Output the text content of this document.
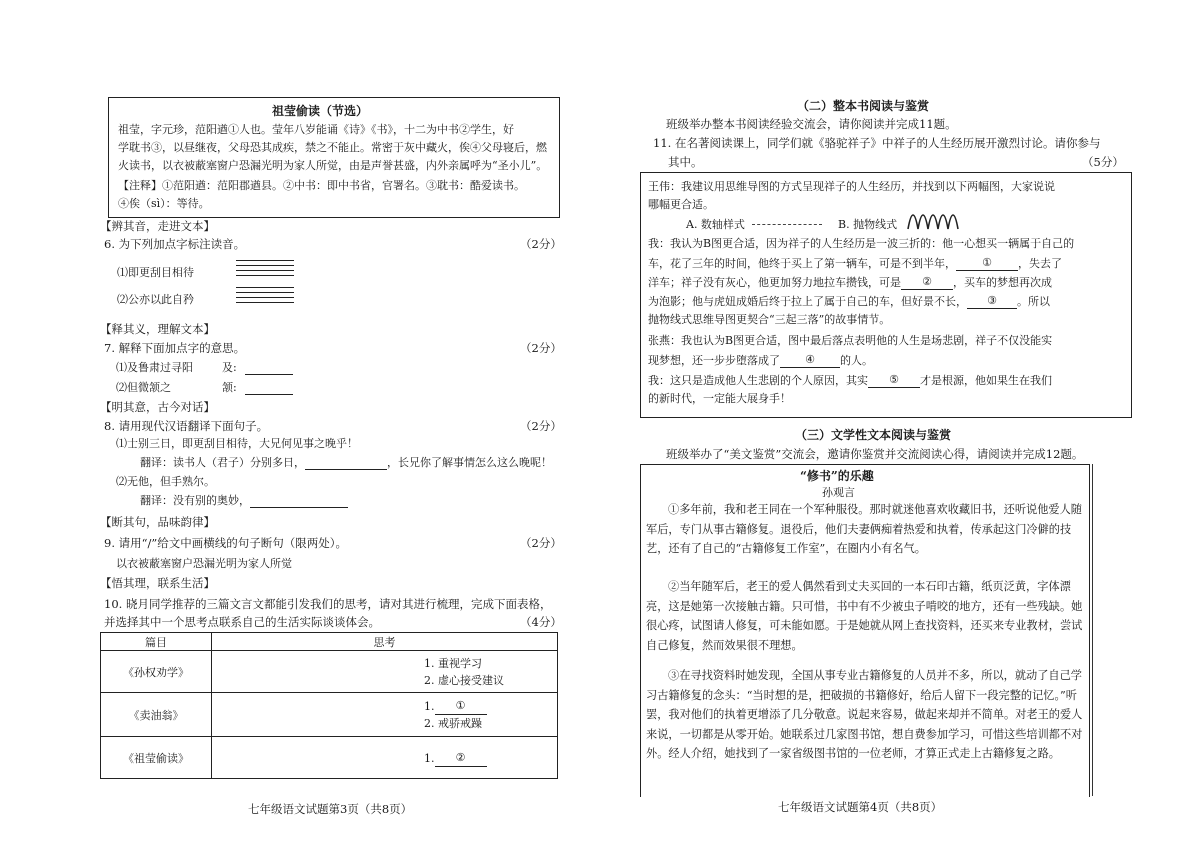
祖莹偷读（节选）
祖莹，字元珍，范阳遒①人也。莹年八岁能诵《诗》《书》，十二为中书②学生，好
学耽书③，以昼继夜，父母恐其成疾，禁之不能止。常密于灰中藏火，俟④父母寝后，燃
火读书，以衣被蔽塞窗户恐漏光明为家人所觉，由是声誉甚盛，内外亲属呼为“圣小儿”。
【注释】①范阳遒：范阳郡遒县。②中书：即中书省，官署名。③耽书：酷爱读书。
④俟（sì）：等待。
【辨其音，走进文本】
6. 为下列加点字标注读音。	（2分）
⑴即更刮目相待
⑵公亦以此自矜
【释其义，理解文本】
7. 解释下面加点字的意思。	（2分）
⑴及鲁肃过寻阳	及:
⑵但微颔之	颔:
【明其意，古今对话】
8. 请用现代汉语翻译下面句子。	（2分）
⑴士别三日，即更刮目相待，大兄何见事之晚乎！
翻译：读书人（君子）分别多日，	，长兄你了解事情怎么这么晚呢！
⑵无他，但手熟尔。
翻译：没有别的奥妙，
【断其句，品味韵律】
9. 请用“/”给文中画横线的句子断句（限两处）。	（2分）
以衣被蔽塞窗户恐漏光明为家人所觉
【悟其理，联系生活】
10. 晓月同学推荐的三篇文言文都能引发我们的思考，请对其进行梳理，完成下面表格，
并选择其中一个思考点联系自己的生活实际谈谈体会。	（4分）
篇目	思考
《孙权劝学》	1. 重视学习
2. 虚心接受建议

《卖油翁》	1. ①
2. 戒骄戒躁

《祖莹偷读》	1. ②
七年级语文试题第3页（共8页）
（二）整本书阅读与鉴赏
班级举办整本书阅读经验交流会，请你阅读并完成11题。
11. 在名著阅读课上，同学们就《骆驼祥子》中祥子的人生经历展开激烈讨论。请你参与
其中。	（5分）
王伟：我建议用思维导图的方式呈现祥子的人生经历，并找到以下两幅图，大家说说
哪幅更合适。
A. 数轴样式	B. 抛物线式
我：我认为B图更合适，因为祥子的人生经历是一波三折的：他一心想买一辆属于自己的
车，花了三年的时间，他终于买上了第一辆车，可是不到半年， ① ，失去了
洋车；祥子没有灰心，他更加努力地拉车攒钱，可是 ② ，买车的梦想再次成
为泡影；他与虎妞成婚后终于拉上了属于自己的车，但好景不长， ③ 。所以
抛物线式思维导图更契合“三起三落”的故事情节。
张燕：我也认为B图更合适，图中最后落点表明他的人生是场悲剧，祥子不仅没能实
现梦想，还一步步堕落成了 ④ 的人。
我：这只是造成他人生悲剧的个人原因，其实 ⑤ 才是根源，他如果生在我们
的新时代，一定能大展身手！
（三）文学性文本阅读与鉴赏
班级举办了“美文鉴赏”交流会，邀请你鉴赏并交流阅读心得，请阅读并完成12题。
“修书”的乐趣
孙观言
①多年前，我和老王同在一个军种服役。那时就迷他喜欢收藏旧书，还听说他爱人随军后，专门从事古籍修复。退役后，他们夫妻俩痴着热爱和执着，传承起这门冷僻的技艺，还有了自己的“古籍修复工作室”，在圈内小有名气。
②当年随军后，老王的爱人偶然看到丈夫买回的一本石印古籍，纸页泛黄，字体漂亮，这是她第一次接触古籍。只可惜，书中有不少被虫子啃咬的地方，还有一些残缺。她很心疼，试图请人修复，可未能如愿。于是她就从网上查找资料，还买来专业教材，尝试自己修复，然而效果很不理想。
③在寻找资料时她发现，全国从事专业古籍修复的人员并不多，所以，就动了自己学习古籍修复的念头：“当时想的是，把破损的书籍修好，给后人留下一段完整的记忆。”听罢，我对他们的执着更增添了几分敬意。说起来容易，做起来却并不简单。对老王的爱人来说，一切都是从零开始。她联系过几家图书馆，想自费参加学习，可惜这些培训都不对外。经人介绍，她找到了一家省级图书馆的一位老师，才算正式走上古籍修复之路。
七年级语文试题第4页（共8页）
